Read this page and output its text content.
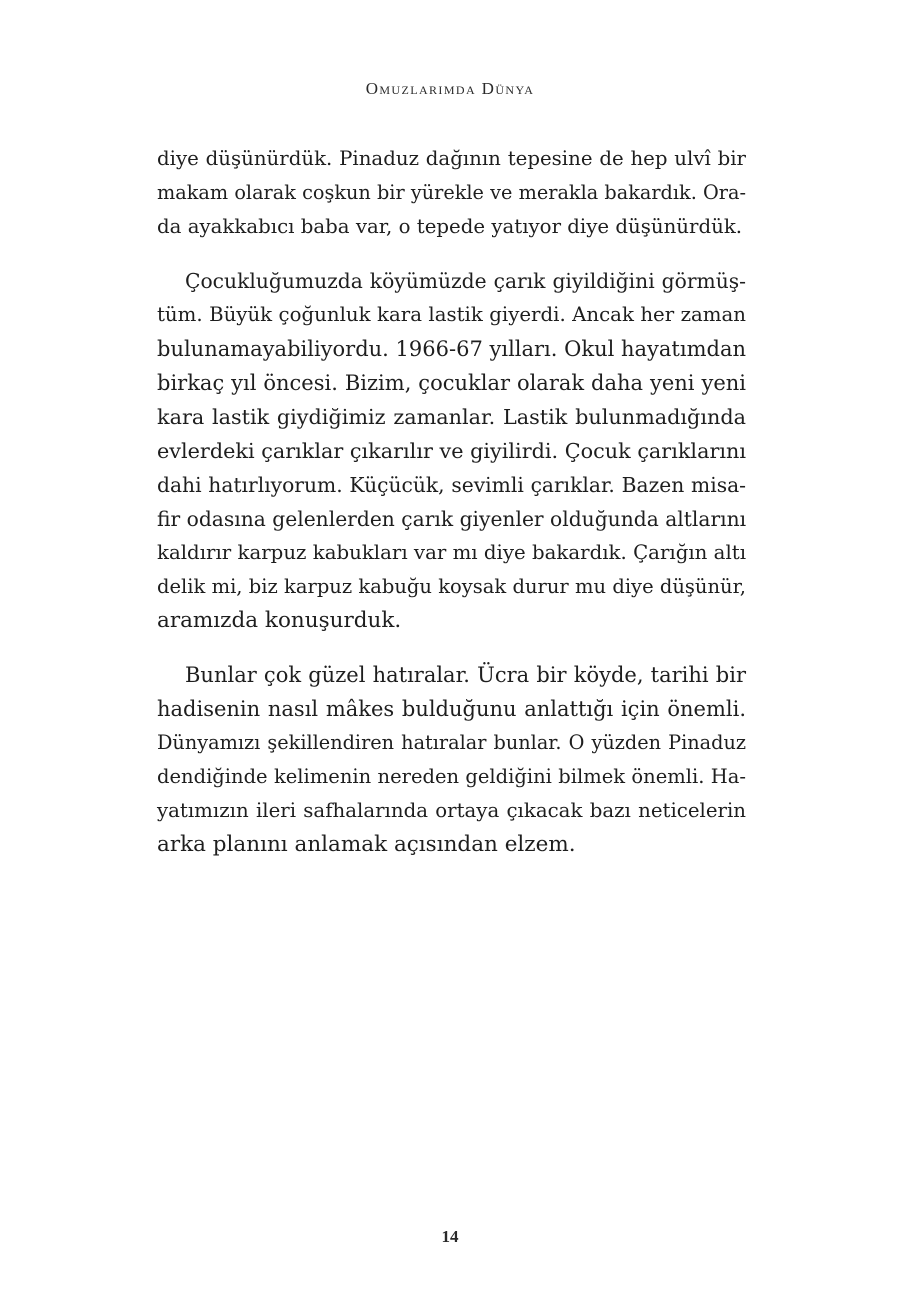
Omuzlarımda Dünya

diye düşünürdük. Pinaduz dağının tepesine de hep ulvî bir
makam olarak coşkun bir yürekle ve merakla bakardık. Ora-
da ayakkabıcı baba var, o tepede yatıyor diye düşünürdük.

Çocukluğumuzda köyümüzde çarık giyildiğini görmüş-
tüm. Büyük çoğunluk kara lastik giyerdi. Ancak her zaman
bulunamayabiliyordu. 1966-67 yılları. Okul hayatımdan
birkaç yıl öncesi. Bizim, çocuklar olarak daha yeni yeni
kara lastik giydiğimiz zamanlar. Lastik bulunmadığında
evlerdeki çarıklar çıkarılır ve giyilirdi. Çocuk çarıklarını
dahi hatırlıyorum. Küçücük, sevimli çarıklar. Bazen misa-
fir odasına gelenlerden çarık giyenler olduğunda altlarını
kaldırır karpuz kabukları var mı diye bakardık. Çarığın altı
delik mi, biz karpuz kabuğu koysak durur mu diye düşünür,
aramızda konuşurduk.

Bunlar çok güzel hatıralar. Ücra bir köyde, tarihi bir
hadisenin nasıl mâkes bulduğunu anlattığı için önemli.
Dünyamızı şekillendiren hatıralar bunlar. O yüzden Pinaduz
dendiğinde kelimenin nereden geldiğini bilmek önemli. Ha-
yatımızın ileri safhalarında ortaya çıkacak bazı neticelerin
arka planını anlamak açısından elzem.

14
